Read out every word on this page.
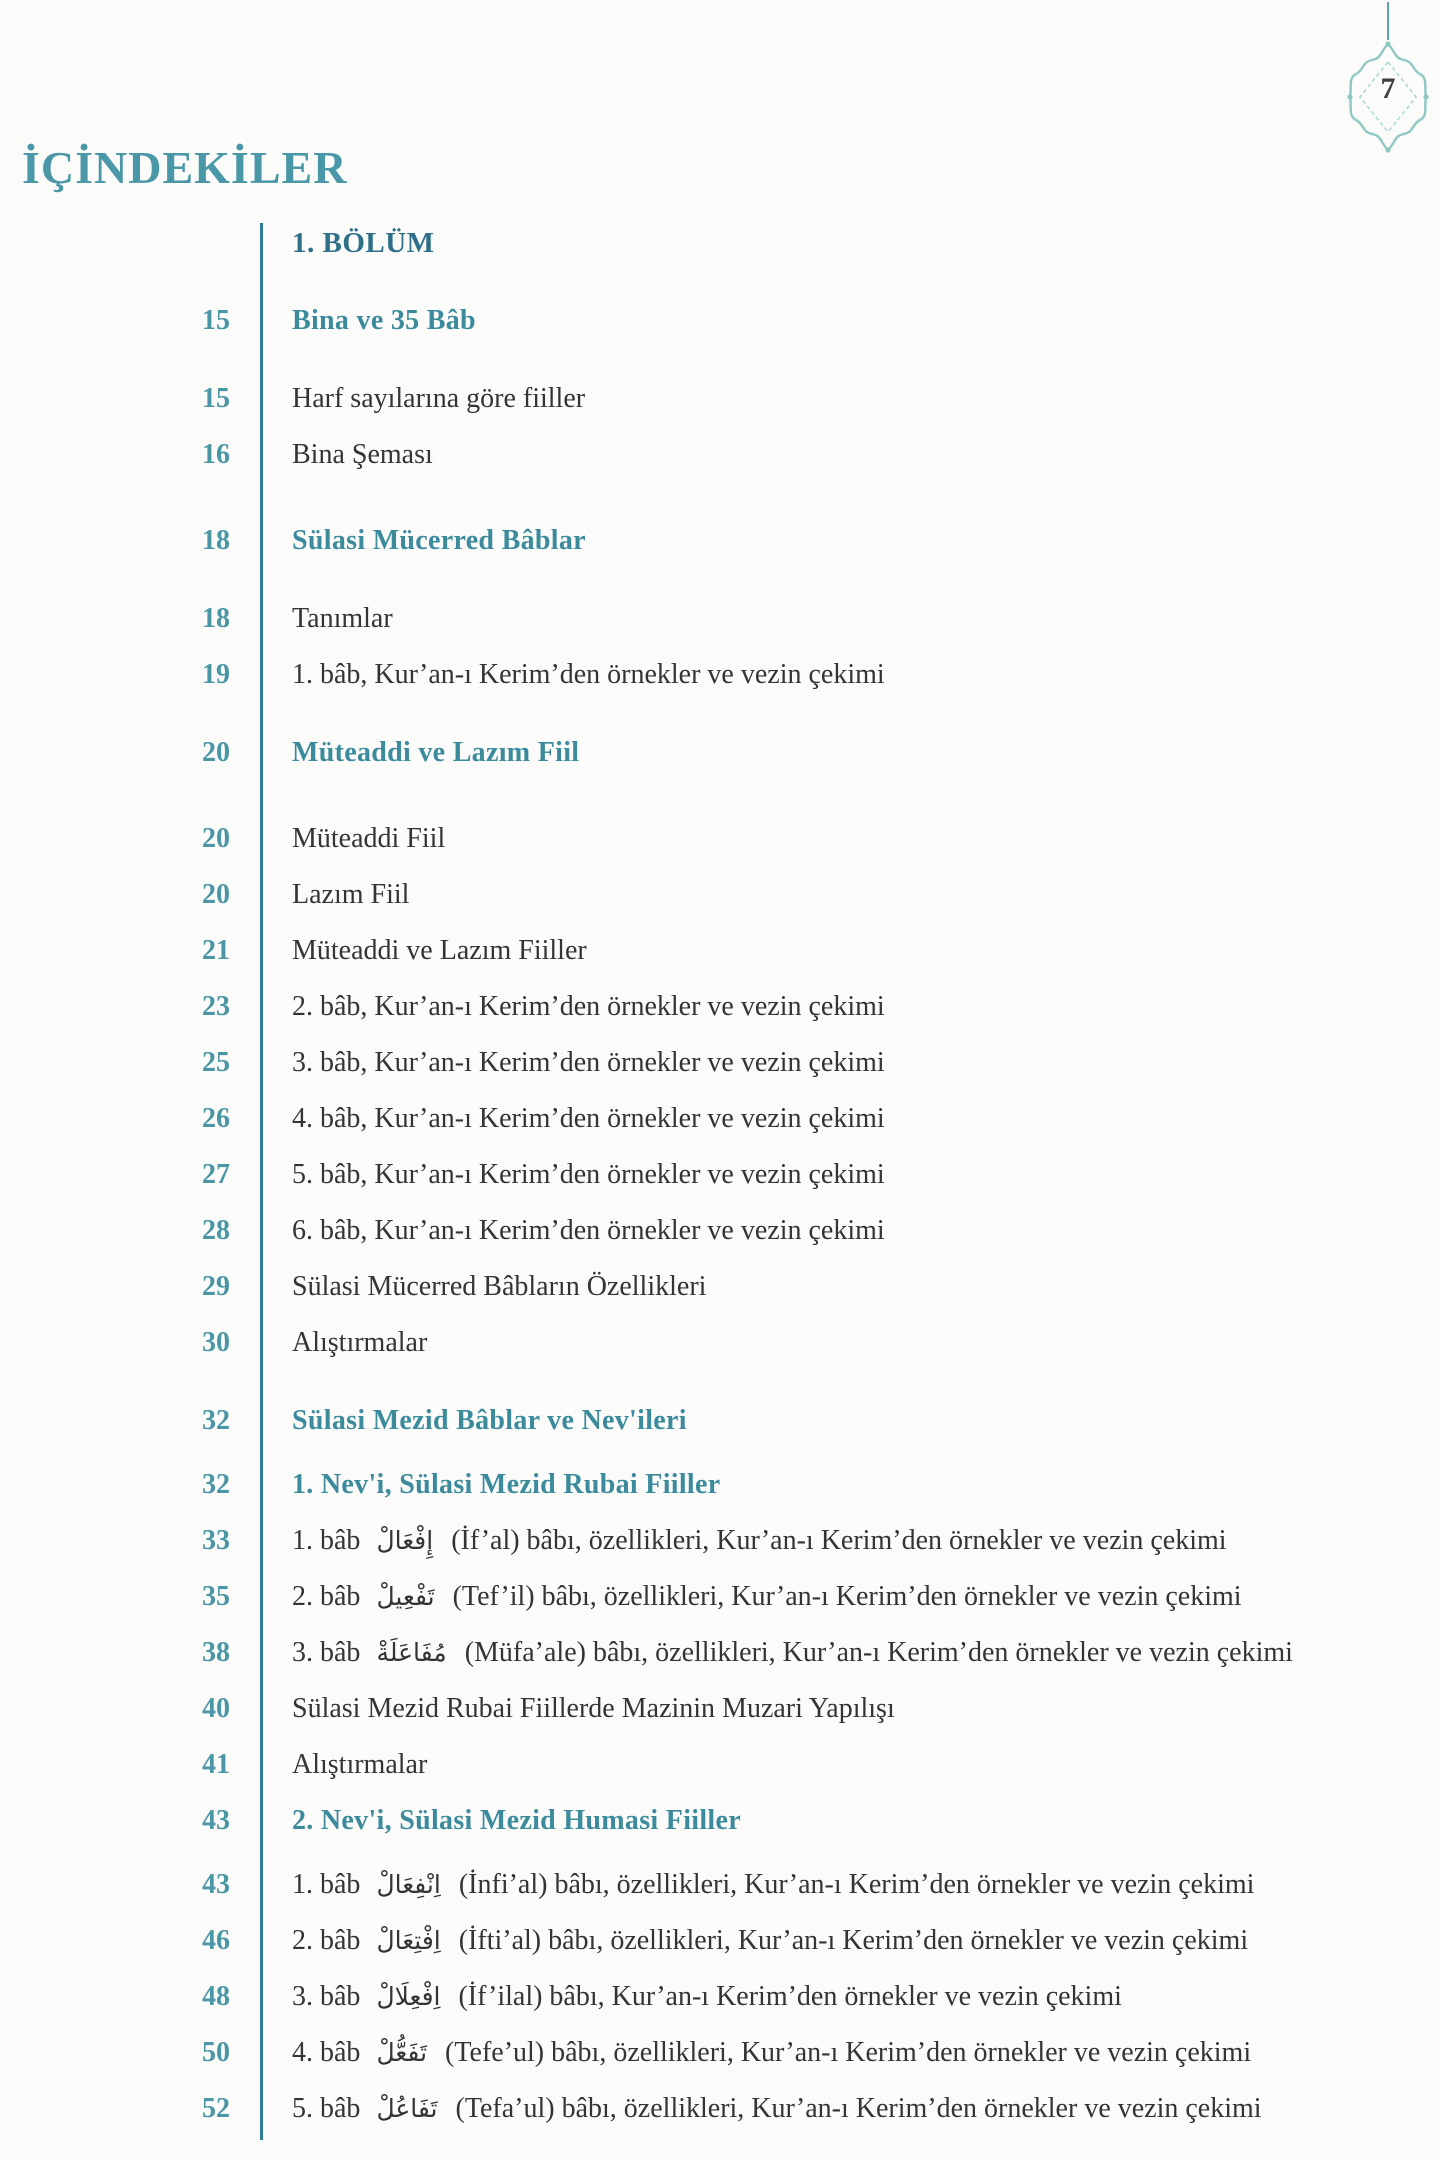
İÇİNDEKİLER
7
1. BÖLÜM
15 Bina ve 35 Bâb
15 Harf sayılarına göre fiiller
16 Bina Şeması
18 Sülasi Mücerred Bâblar
18 Tanımlar
19 1. bâb, Kur’an-ı Kerim’den örnekler ve vezin çekimi
20 Müteaddi ve Lazım Fiil
20 Müteaddi Fiil
20 Lazım Fiil
21 Müteaddi ve Lazım Fiiller
23 2. bâb, Kur’an-ı Kerim’den örnekler ve vezin çekimi
25 3. bâb, Kur’an-ı Kerim’den örnekler ve vezin çekimi
26 4. bâb, Kur’an-ı Kerim’den örnekler ve vezin çekimi
27 5. bâb, Kur’an-ı Kerim’den örnekler ve vezin çekimi
28 6. bâb, Kur’an-ı Kerim’den örnekler ve vezin çekimi
29 Sülasi Mücerred Bâbların Özellikleri
30 Alıştırmalar
32 Sülasi Mezid Bâblar ve Nev'ileri
32 1. Nev'i, Sülasi Mezid Rubai Fiiller
33 1. bâb إِفْعَالْ (İf’al) bâbı, özellikleri, Kur’an-ı Kerim’den örnekler ve vezin çekimi
35 2. bâb تَفْعِيلْ (Tef’il) bâbı, özellikleri, Kur’an-ı Kerim’den örnekler ve vezin çekimi
38 3. bâb مُفَاعَلَةْ (Müfa’ale) bâbı, özellikleri, Kur’an-ı Kerim’den örnekler ve vezin çekimi
40 Sülasi Mezid Rubai Fiillerde Mazinin Muzari Yapılışı
41 Alıştırmalar
43 2. Nev'i, Sülasi Mezid Humasi Fiiller
43 1. bâb اِنْفِعَالْ (İnfi’al) bâbı, özellikleri, Kur’an-ı Kerim’den örnekler ve vezin çekimi
46 2. bâb اِفْتِعَالْ (İfti’al) bâbı, özellikleri, Kur’an-ı Kerim’den örnekler ve vezin çekimi
48 3. bâb اِفْعِلَالْ (İf’ilal) bâbı, Kur’an-ı Kerim’den örnekler ve vezin çekimi
50 4. bâb تَفَعُّلْ (Tefe’ul) bâbı, özellikleri, Kur’an-ı Kerim’den örnekler ve vezin çekimi
52 5. bâb تَفَاعُلْ (Tefa’ul) bâbı, özellikleri, Kur’an-ı Kerim’den örnekler ve vezin çekimi
